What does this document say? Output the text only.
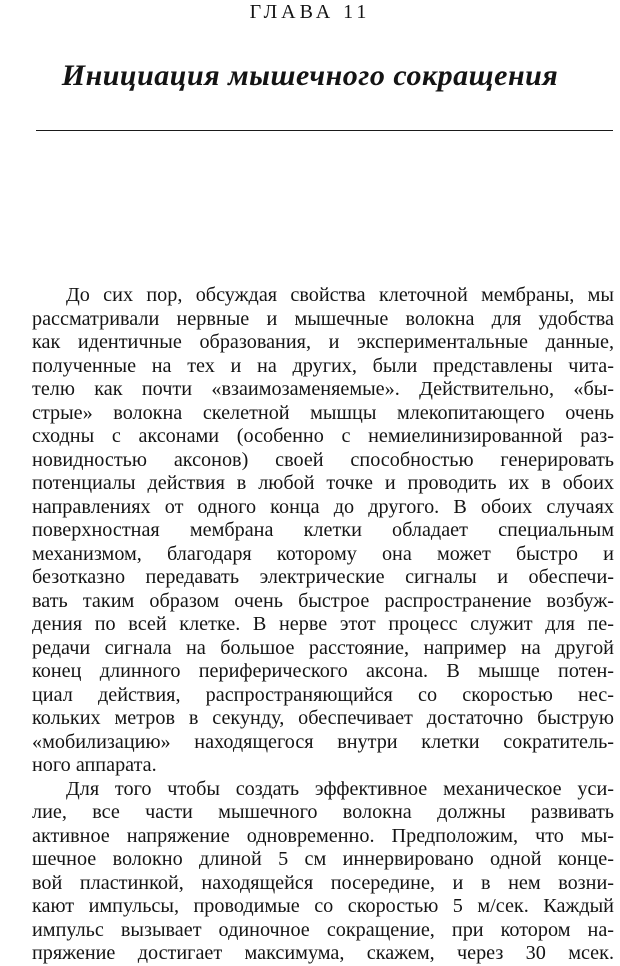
ГЛАВА 11
Инициация мышечного сокращения
До сих пор, обсуждая свойства клеточной мембраны, мы
рассматривали нервные и мышечные волокна для удобства
как идентичные образования, и экспериментальные данные,
полученные на тех и на других, были представлены чита-
телю как почти «взаимозаменяемые». Действительно, «бы-
стрые» волокна скелетной мышцы млекопитающего очень
сходны с аксонами (особенно с немиелинизированной раз-
новидностью аксонов) своей способностью генерировать
потенциалы действия в любой точке и проводить их в обоих
направлениях от одного конца до другого. В обоих случаях
поверхностная мембрана клетки обладает специальным
механизмом, благодаря которому она может быстро и
безотказно передавать электрические сигналы и обеспечи-
вать таким образом очень быстрое распространение возбуж-
дения по всей клетке. В нерве этот процесс служит для пе-
редачи сигнала на большое расстояние, например на другой
конец длинного периферического аксона. В мышце потен-
циал действия, распространяющийся со скоростью нес-
кольких метров в секунду, обеспечивает достаточно быструю
«мобилизацию» находящегося внутри клетки сократитель-
ного аппарата.
Для того чтобы создать эффективное механическое уси-
лие, все части мышечного волокна должны развивать
активное напряжение одновременно. Предположим, что мы-
шечное волокно длиной 5 см иннервировано одной конце-
вой пластинкой, находящейся посередине, и в нем возни-
кают импульсы, проводимые со скоростью 5 м/сек. Каждый
импульс вызывает одиночное сокращение, при котором на-
пряжение достигает максимума, скажем, через 30 мсек.
